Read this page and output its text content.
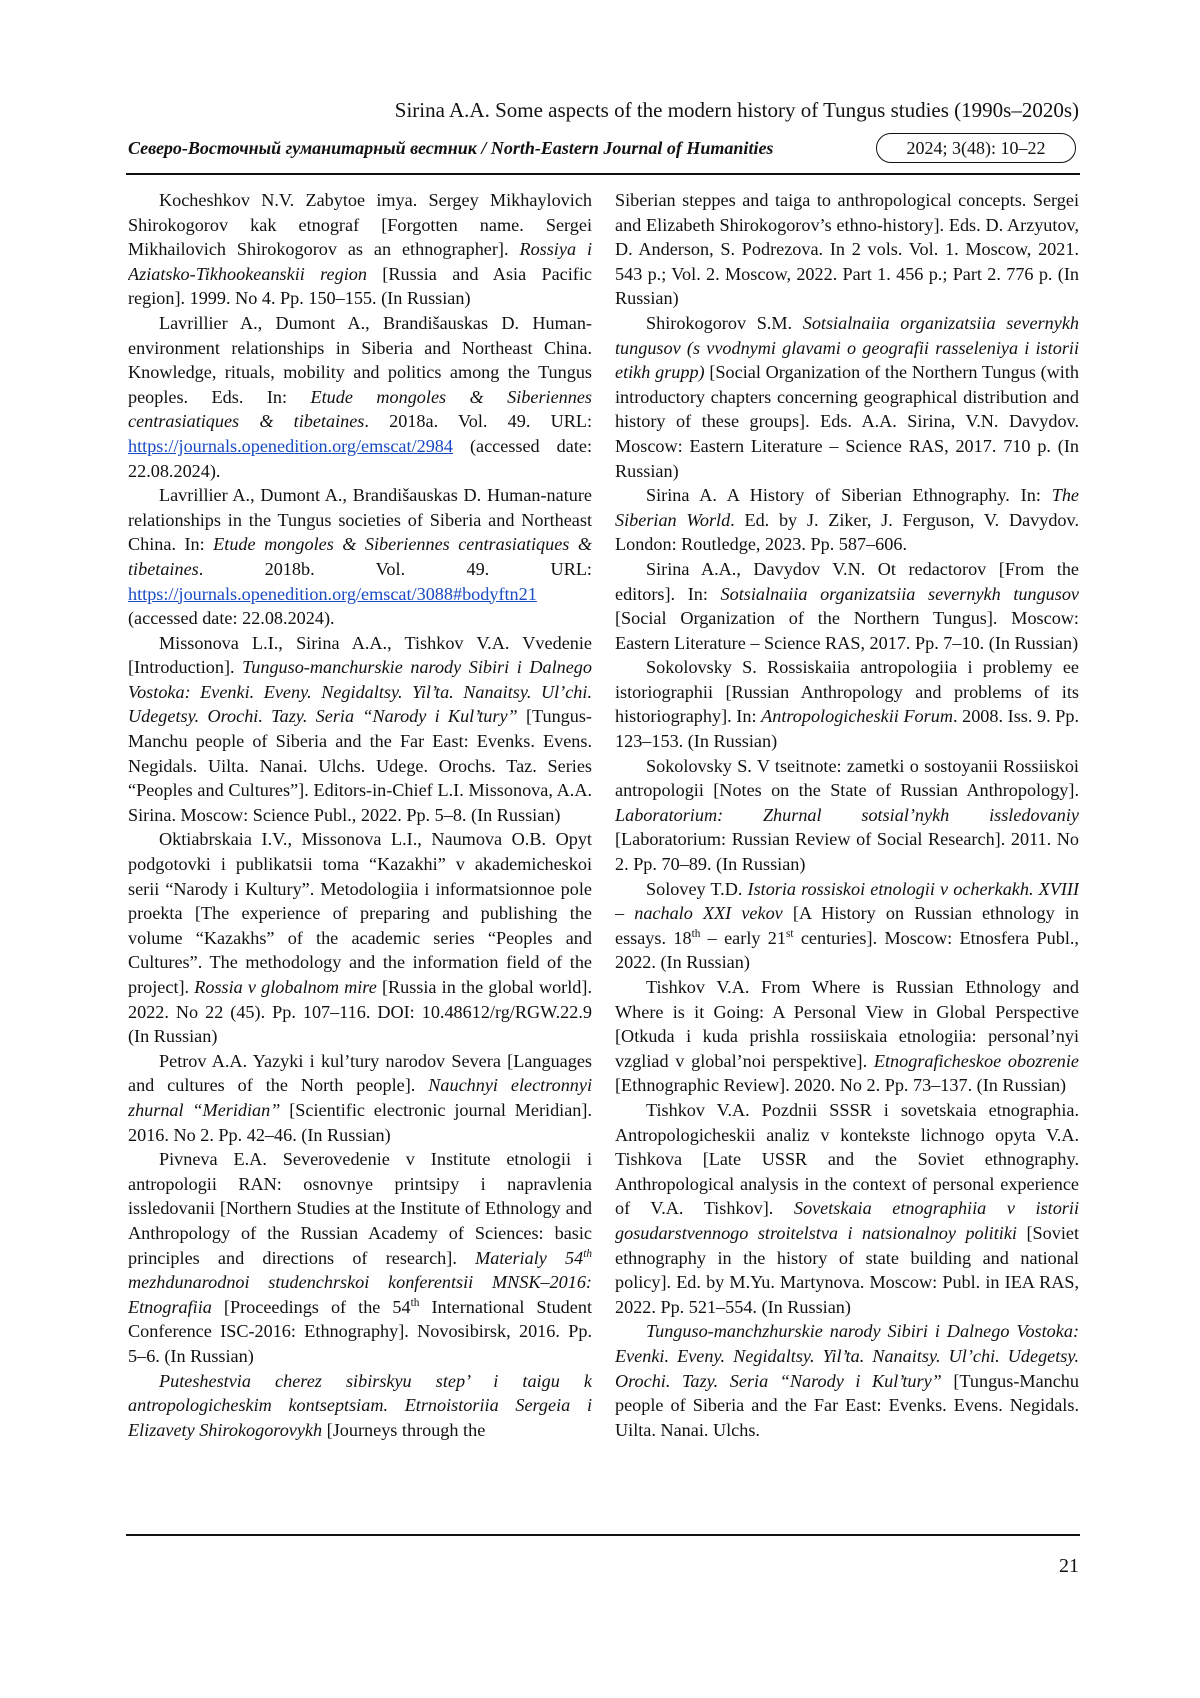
Sirina A.A. Some aspects of the modern history of Tungus studies (1990s–2020s)
Северо-Восточный гуманитарный вестник / North-Eastern Journal of Humanities	2024; 3(48): 10–22

Kocheshkov N.V. Zabytoe imya. Sergey Mikhaylovich Shirokogorov kak etnograf [Forgotten name. Sergei Mikhailovich Shirokogorov as an ethnographer]. Rossiya i Aziatsko-Tikhookeanskii region [Russia and Asia Pacific region]. 1999. No 4. Pp. 150–155. (In Russian)

Lavrillier A., Dumont A., Brandišauskas D. Human-environment relationships in Siberia and Northeast China. Knowledge, rituals, mobility and politics among the Tungus peoples. Eds. In: Etude mongoles & Siberiennes centrasiatiques & tibetaines. 2018a. Vol. 49. URL: https://journals.openedition.org/emscat/2984 (accessed date: 22.08.2024).

Lavrillier A., Dumont A., Brandišauskas D. Human-nature relationships in the Tungus societies of Siberia and Northeast China. In: Etude mongoles & Siberiennes centrasiatiques & tibetaines. 2018b. Vol. 49. URL: https://journals.openedition.org/emscat/3088#bodyftn21 (accessed date: 22.08.2024).

Missonova L.I., Sirina A.A., Tishkov V.A. Vvedenie [Introduction]. Tunguso-manchurskie narody Sibiri i Dalnego Vostoka: Evenki. Eveny. Negidaltsy. Yil’ta. Nanaitsy. Ul’chi. Udegetsy. Orochi. Tazy. Seria “Narody i Kul’tury” [Tungus-Manchu people of Siberia and the Far East: Evenks. Evens. Negidals. Uilta. Nanai. Ulchs. Udege. Orochs. Taz. Series “Peoples and Cultures”]. Editors-in-Chief L.I. Missonova, A.A. Sirina. Moscow: Science Publ., 2022. Pp. 5–8. (In Russian)

Oktiabrskaia I.V., Missonova L.I., Naumova O.B. Opyt podgotovki i publikatsii toma “Kazakhi” v akademicheskoi serii “Narody i Kultury”. Metodologiia i informatsionnoe pole proekta [The experience of preparing and publishing the volume “Kazakhs” of the academic series “Peoples and Cultures”. The methodology and the information field of the project]. Rossia v globalnom mire [Russia in the global world]. 2022. No 22 (45). Pp. 107–116. DOI: 10.48612/rg/RGW.22.9 (In Russian)

Petrov A.A. Yazyki i kul’tury narodov Severa [Languages and cultures of the North people]. Nauchnyi electronnyi zhurnal “Meridian” [Scientific electronic journal Meridian]. 2016. No 2. Pp. 42–46. (In Russian)

Pivneva E.A. Severovedenie v Institute etnologii i antropologii RAN: osnovnye printsipy i napravlenia issledovanii [Northern Studies at the Institute of Ethnology and Anthropology of the Russian Academy of Sciences: basic principles and directions of research]. Materialy 54th mezhdunarodnoi studenchrskoi konferentsii MNSK–2016: Etnografiia [Proceedings of the 54th International Student Conference ISC-2016: Ethnography]. Novosibirsk, 2016. Pp. 5–6. (In Russian)

Puteshestvia cherez sibirskyu step’ i taigu k antropologicheskim kontseptsiam. Etrnoistoriia Sergeia i Elizavety Shirokogorovykh [Journeys through the

Siberian steppes and taiga to anthropological concepts. Sergei and Elizabeth Shirokogorov’s ethno-history]. Eds. D. Arzyutov, D. Anderson, S. Podrezova. In 2 vols. Vol. 1. Moscow, 2021. 543 p.; Vol. 2. Moscow, 2022. Part 1. 456 p.; Part 2. 776 p. (In Russian)

Shirokogorov S.M. Sotsialnaiia organizatsiia severnykh tungusov (s vvodnymi glavami o geografii rasseleniya i istorii etikh grupp) [Social Organization of the Northern Tungus (with introductory chapters concerning geographical distribution and history of these groups]. Eds. A.A. Sirina, V.N. Davydov. Moscow: Eastern Literature – Science RAS, 2017. 710 p. (In Russian)

Sirina A. A History of Siberian Ethnography. In: The Siberian World. Ed. by J. Ziker, J. Ferguson, V. Davydov. London: Routledge, 2023. Pp. 587–606.

Sirina A.A., Davydov V.N. Ot redactorov [From the editors]. In: Sotsialnaiia organizatsiia severnykh tungusov [Social Organization of the Northern Tungus]. Moscow: Eastern Literature – Science RAS, 2017. Pp. 7–10. (In Russian)

Sokolovsky S. Rossiskaiia antropologiia i problemy ee istoriographii [Russian Anthropology and problems of its historiography]. In: Antropologicheskii Forum. 2008. Iss. 9. Pp. 123–153. (In Russian)

Sokolovsky S. V tseitnote: zametki o sostoyanii Rossiiskoi antropologii [Notes on the State of Russian Anthropology]. Laboratorium: Zhurnal sotsial’nykh issledovaniy [Laboratorium: Russian Review of Social Research]. 2011. No 2. Pp. 70–89. (In Russian)

Solovey T.D. Istoria rossiskoi etnologii v ocherkakh. XVIII – nachalo XXI vekov [A History on Russian ethnology in essays. 18th – early 21st centuries]. Moscow: Etnosfera Publ., 2022. (In Russian)

Tishkov V.A. From Where is Russian Ethnology and Where is it Going: A Personal View in Global Perspective [Otkuda i kuda prishla rossiiskaia etnologiia: personal’nyi vzgliad v global’noi perspektive]. Etnograficheskoe obozrenie [Ethnographic Review]. 2020. No 2. Pp. 73–137. (In Russian)

Tishkov V.A. Pozdnii SSSR i sovetskaia etnographia. Antropologicheskii analiz v kontekste lichnogo opyta V.A. Tishkova [Late USSR and the Soviet ethnography. Anthropological analysis in the context of personal experience of V.A. Tishkov]. Sovetskaia etnographiia v istorii gosudarstvennogo stroitelstva i natsionalnoy politiki [Soviet ethnography in the history of state building and national policy]. Ed. by M.Yu. Martynova. Moscow: Publ. in IEA RAS, 2022. Pp. 521–554. (In Russian)

Tunguso-manchzhurskie narody Sibiri i Dalnego Vostoka: Evenki. Eveny. Negidaltsy. Yil’ta. Nanaitsy. Ul’chi. Udegetsy. Orochi. Tazy. Seria “Narody i Kul’tury” [Tungus-Manchu people of Siberia and the Far East: Evenks. Evens. Negidals. Uilta. Nanai. Ulchs.

21
